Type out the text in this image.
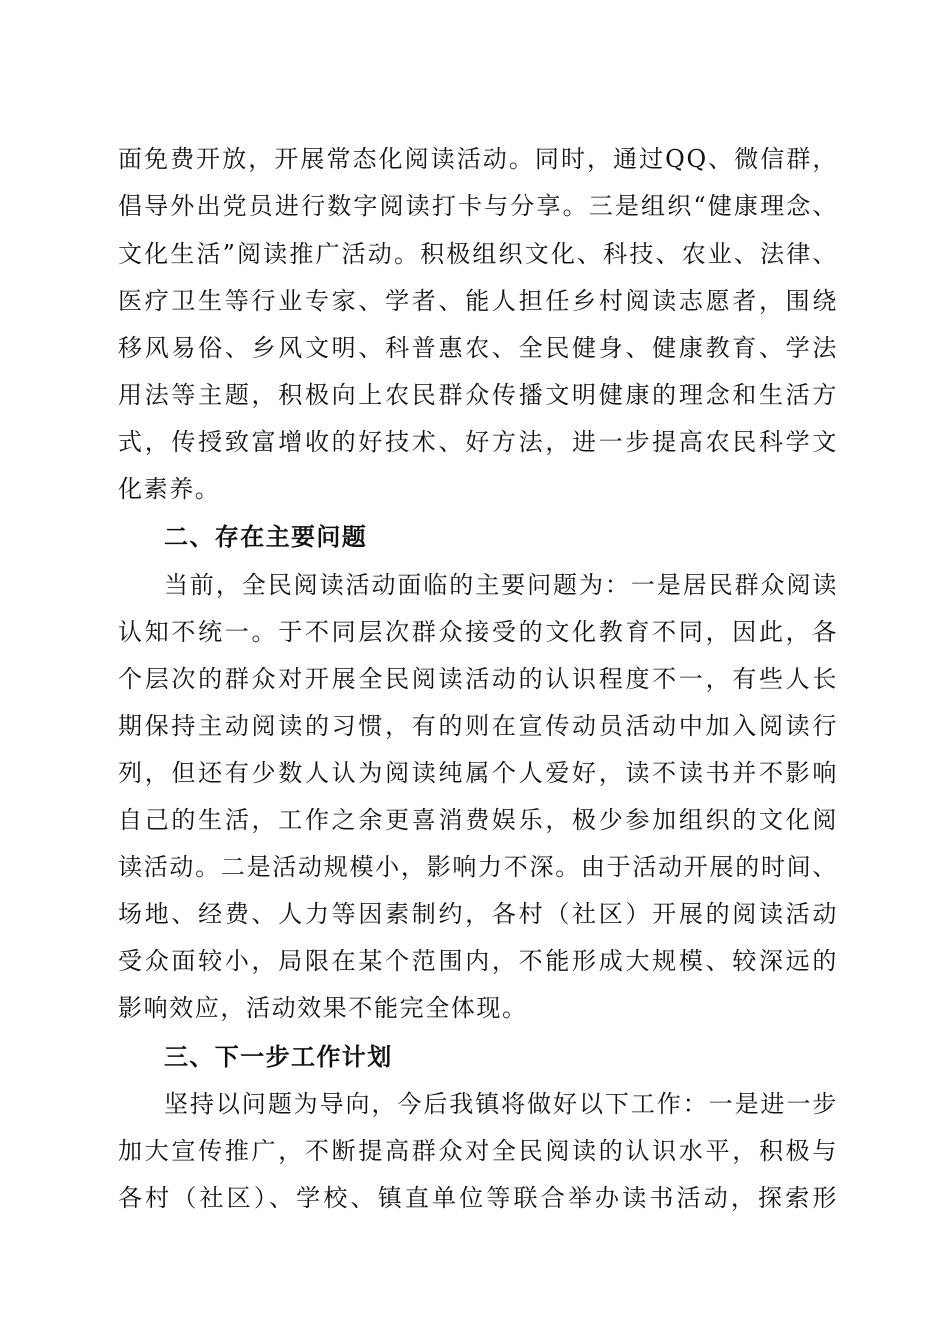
面免费开放，开展常态化阅读活动。同时，通过QQ、微信群，
倡导外出党员进行数字阅读打卡与分享。三是组织“健康理念、
文化生活”阅读推广活动。积极组织文化、科技、农业、法律、
医疗卫生等行业专家、学者、能人担任乡村阅读志愿者，围绕
移风易俗、乡风文明、科普惠农、全民健身、健康教育、学法
用法等主题，积极向上农民群众传播文明健康的理念和生活方
式，传授致富增收的好技术、好方法，进一步提高农民科学文
化素养。
二、存在主要问题
当前，全民阅读活动面临的主要问题为：一是居民群众阅读
认知不统一。于不同层次群众接受的文化教育不同，因此，各
个层次的群众对开展全民阅读活动的认识程度不一，有些人长
期保持主动阅读的习惯，有的则在宣传动员活动中加入阅读行
列，但还有少数人认为阅读纯属个人爱好，读不读书并不影响
自己的生活，工作之余更喜消费娱乐，极少参加组织的文化阅
读活动。二是活动规模小，影响力不深。由于活动开展的时间、
场地、经费、人力等因素制约，各村（社区）开展的阅读活动
受众面较小，局限在某个范围内，不能形成大规模、较深远的
影响效应，活动效果不能完全体现。
三、下一步工作计划
坚持以问题为导向，今后我镇将做好以下工作：一是进一步
加大宣传推广，不断提高群众对全民阅读的认识水平，积极与
各村（社区）、学校、镇直单位等联合举办读书活动，探索形
